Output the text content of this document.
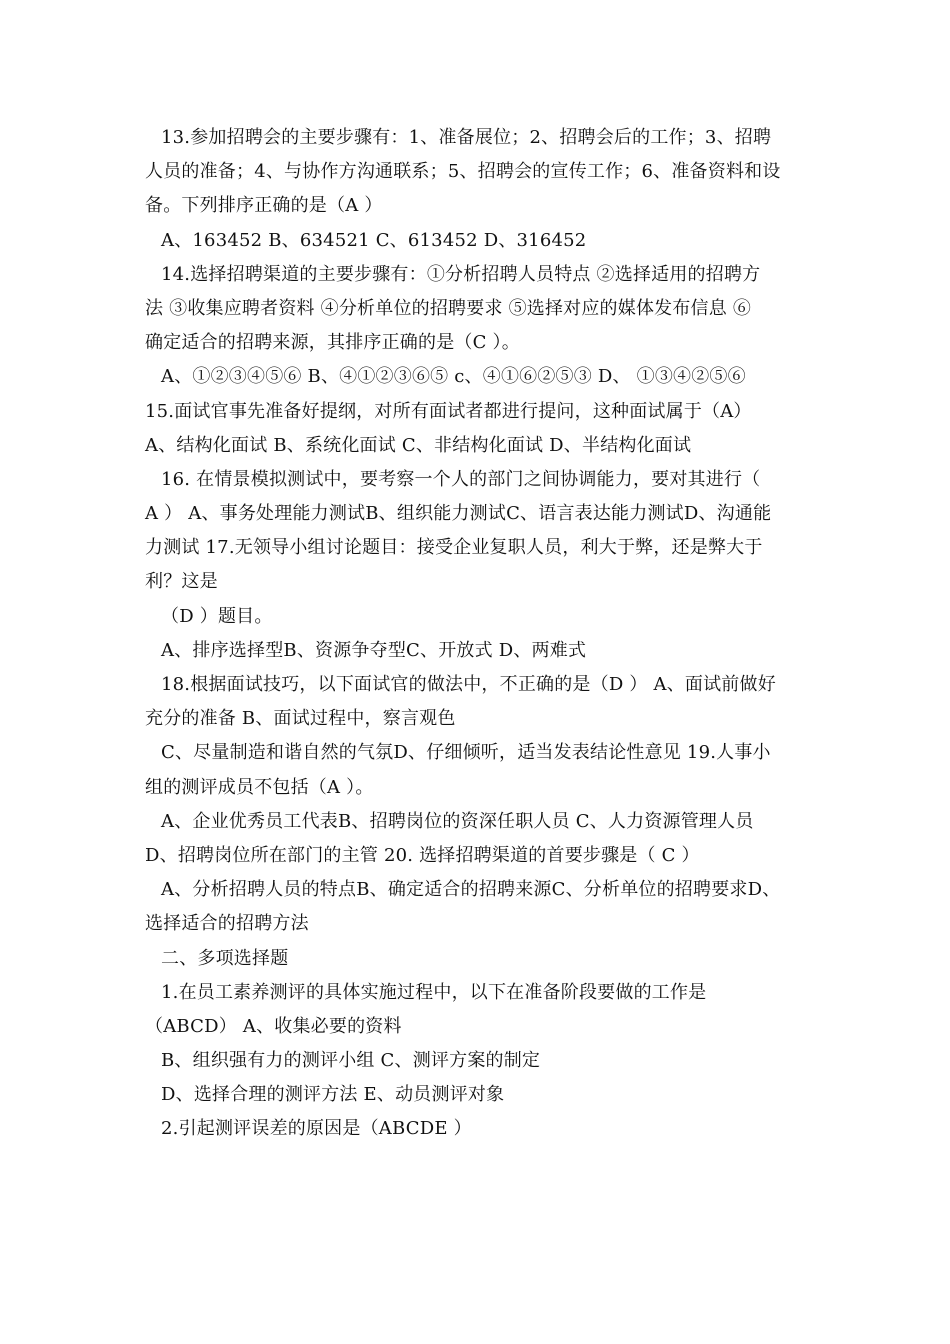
13.参加招聘会的主要步骤有：1、准备展位；2、招聘会后的工作；3、招聘
人员的准备；4、与协作方沟通联系；5、招聘会的宣传工作；6、准备资料和设
备。下列排序正确的是（A ）
A、163452 B、634521 C、613452 D、316452
14.选择招聘渠道的主要步骤有：①分析招聘人员特点 ②选择适用的招聘方
法 ③收集应聘者资料 ④分析单位的招聘要求 ⑤选择对应的媒体发布信息 ⑥
确定适合的招聘来源，其排序正确的是（C ）。
A、①②③④⑤⑥ B、④①②③⑥⑤ c、④①⑥②⑤③ D、 ①③④②⑤⑥
15.面试官事先准备好提纲，对所有面试者都进行提问，这种面试属于（A）
A、结构化面试 B、系统化面试 C、非结构化面试 D、半结构化面试
16. 在情景模拟测试中，要考察一个人的部门之间协调能力，要对其进行（
A ） A、事务处理能力测试B、组织能力测试C、语言表达能力测试D、沟通能
力测试 17.无领导小组讨论题目：接受企业复职人员，利大于弊，还是弊大于
利？这是
（D ）题目。
A、排序选择型B、资源争夺型C、开放式 D、两难式
18.根据面试技巧，以下面试官的做法中，不正确的是（D ） A、面试前做好
充分的准备 B、面试过程中，察言观色
C、尽量制造和谐自然的气氛D、仔细倾听，适当发表结论性意见 19.人事小
组的测评成员不包括（A ）。
A、企业优秀员工代表B、招聘岗位的资深任职人员 C、人力资源管理人员
D、招聘岗位所在部门的主管 20. 选择招聘渠道的首要步骤是（ C ）
A、分析招聘人员的特点B、确定适合的招聘来源C、分析单位的招聘要求D、
选择适合的招聘方法
二、多项选择题
1.在员工素养测评的具体实施过程中，以下在准备阶段要做的工作是
（ABCD） A、收集必要的资料
B、组织强有力的测评小组 C、测评方案的制定
D、选择合理的测评方法 E、动员测评对象
2.引起测评误差的原因是（ABCDE ）
